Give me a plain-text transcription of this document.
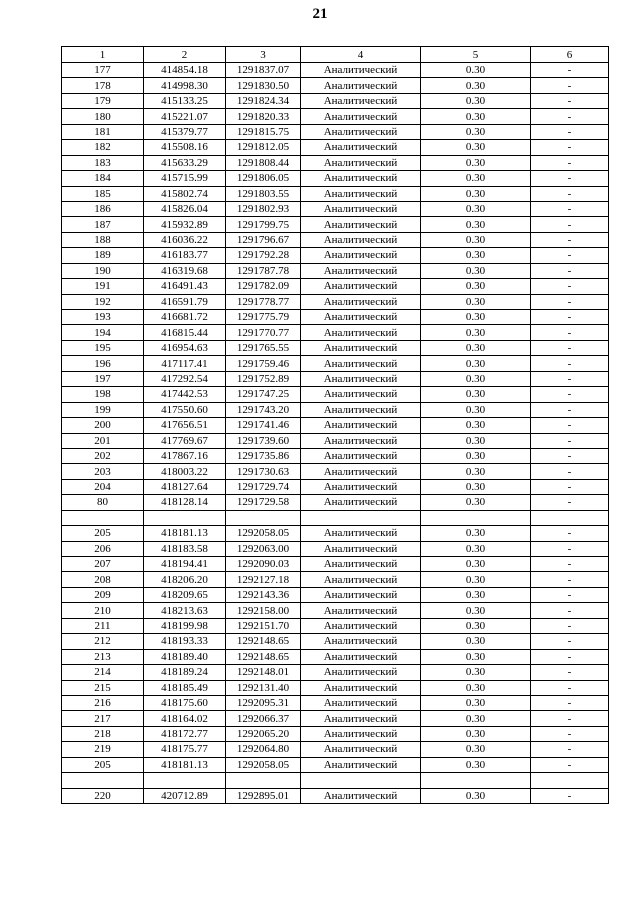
21
1	2	3	4	5	6
177	414854.18	1291837.07	Аналитический	0.30	-
178	414998.30	1291830.50	Аналитический	0.30	-
179	415133.25	1291824.34	Аналитический	0.30	-
180	415221.07	1291820.33	Аналитический	0.30	-
181	415379.77	1291815.75	Аналитический	0.30	-
182	415508.16	1291812.05	Аналитический	0.30	-
183	415633.29	1291808.44	Аналитический	0.30	-
184	415715.99	1291806.05	Аналитический	0.30	-
185	415802.74	1291803.55	Аналитический	0.30	-
186	415826.04	1291802.93	Аналитический	0.30	-
187	415932.89	1291799.75	Аналитический	0.30	-
188	416036.22	1291796.67	Аналитический	0.30	-
189	416183.77	1291792.28	Аналитический	0.30	-
190	416319.68	1291787.78	Аналитический	0.30	-
191	416491.43	1291782.09	Аналитический	0.30	-
192	416591.79	1291778.77	Аналитический	0.30	-
193	416681.72	1291775.79	Аналитический	0.30	-
194	416815.44	1291770.77	Аналитический	0.30	-
195	416954.63	1291765.55	Аналитический	0.30	-
196	417117.41	1291759.46	Аналитический	0.30	-
197	417292.54	1291752.89	Аналитический	0.30	-
198	417442.53	1291747.25	Аналитический	0.30	-
199	417550.60	1291743.20	Аналитический	0.30	-
200	417656.51	1291741.46	Аналитический	0.30	-
201	417769.67	1291739.60	Аналитический	0.30	-
202	417867.16	1291735.86	Аналитический	0.30	-
203	418003.22	1291730.63	Аналитический	0.30	-
204	418127.64	1291729.74	Аналитический	0.30	-
80	418128.14	1291729.58	Аналитический	0.30	-

205	418181.13	1292058.05	Аналитический	0.30	-
206	418183.58	1292063.00	Аналитический	0.30	-
207	418194.41	1292090.03	Аналитический	0.30	-
208	418206.20	1292127.18	Аналитический	0.30	-
209	418209.65	1292143.36	Аналитический	0.30	-
210	418213.63	1292158.00	Аналитический	0.30	-
211	418199.98	1292151.70	Аналитический	0.30	-
212	418193.33	1292148.65	Аналитический	0.30	-
213	418189.40	1292148.65	Аналитический	0.30	-
214	418189.24	1292148.01	Аналитический	0.30	-
215	418185.49	1292131.40	Аналитический	0.30	-
216	418175.60	1292095.31	Аналитический	0.30	-
217	418164.02	1292066.37	Аналитический	0.30	-
218	418172.77	1292065.20	Аналитический	0.30	-
219	418175.77	1292064.80	Аналитический	0.30	-
205	418181.13	1292058.05	Аналитический	0.30	-

220	420712.89	1292895.01	Аналитический	0.30	-
